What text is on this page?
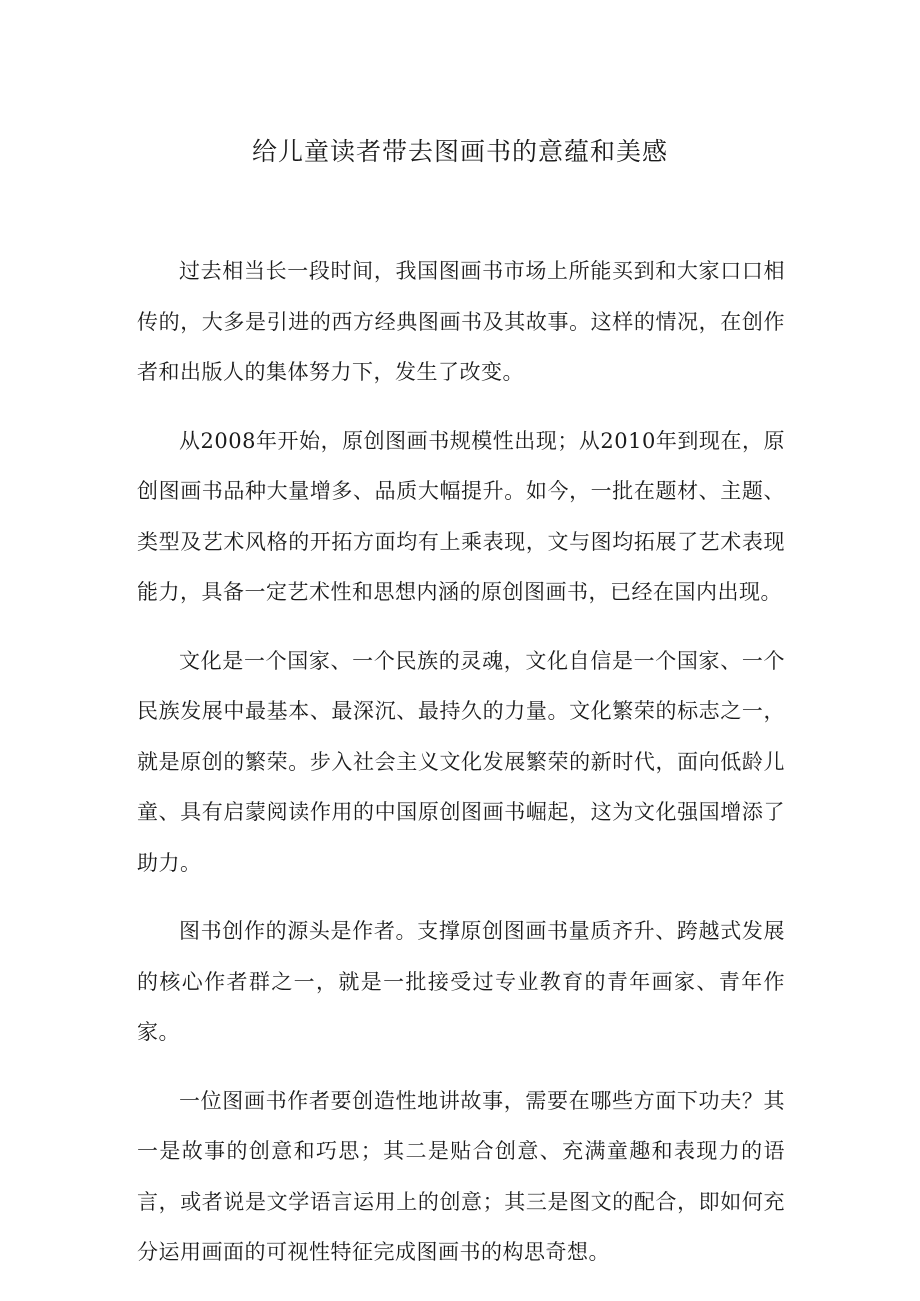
给儿童读者带去图画书的意蕴和美感

过去相当长一段时间，我国图画书市场上所能买到和大家口口相传的，大多是引进的西方经典图画书及其故事。这样的情况，在创作者和出版人的集体努力下，发生了改变。

从2008年开始，原创图画书规模性出现；从2010年到现在，原创图画书品种大量增多、品质大幅提升。如今，一批在题材、主题、类型及艺术风格的开拓方面均有上乘表现，文与图均拓展了艺术表现能力，具备一定艺术性和思想内涵的原创图画书，已经在国内出现。

文化是一个国家、一个民族的灵魂，文化自信是一个国家、一个民族发展中最基本、最深沉、最持久的力量。文化繁荣的标志之一，就是原创的繁荣。步入社会主义文化发展繁荣的新时代，面向低龄儿童、具有启蒙阅读作用的中国原创图画书崛起，这为文化强国增添了助力。

图书创作的源头是作者。支撑原创图画书量质齐升、跨越式发展的核心作者群之一，就是一批接受过专业教育的青年画家、青年作家。

一位图画书作者要创造性地讲故事，需要在哪些方面下功夫？其一是故事的创意和巧思；其二是贴合创意、充满童趣和表现力的语言，或者说是文学语言运用上的创意；其三是图文的配合，即如何充分运用画面的可视性特征完成图画书的构思奇想。
